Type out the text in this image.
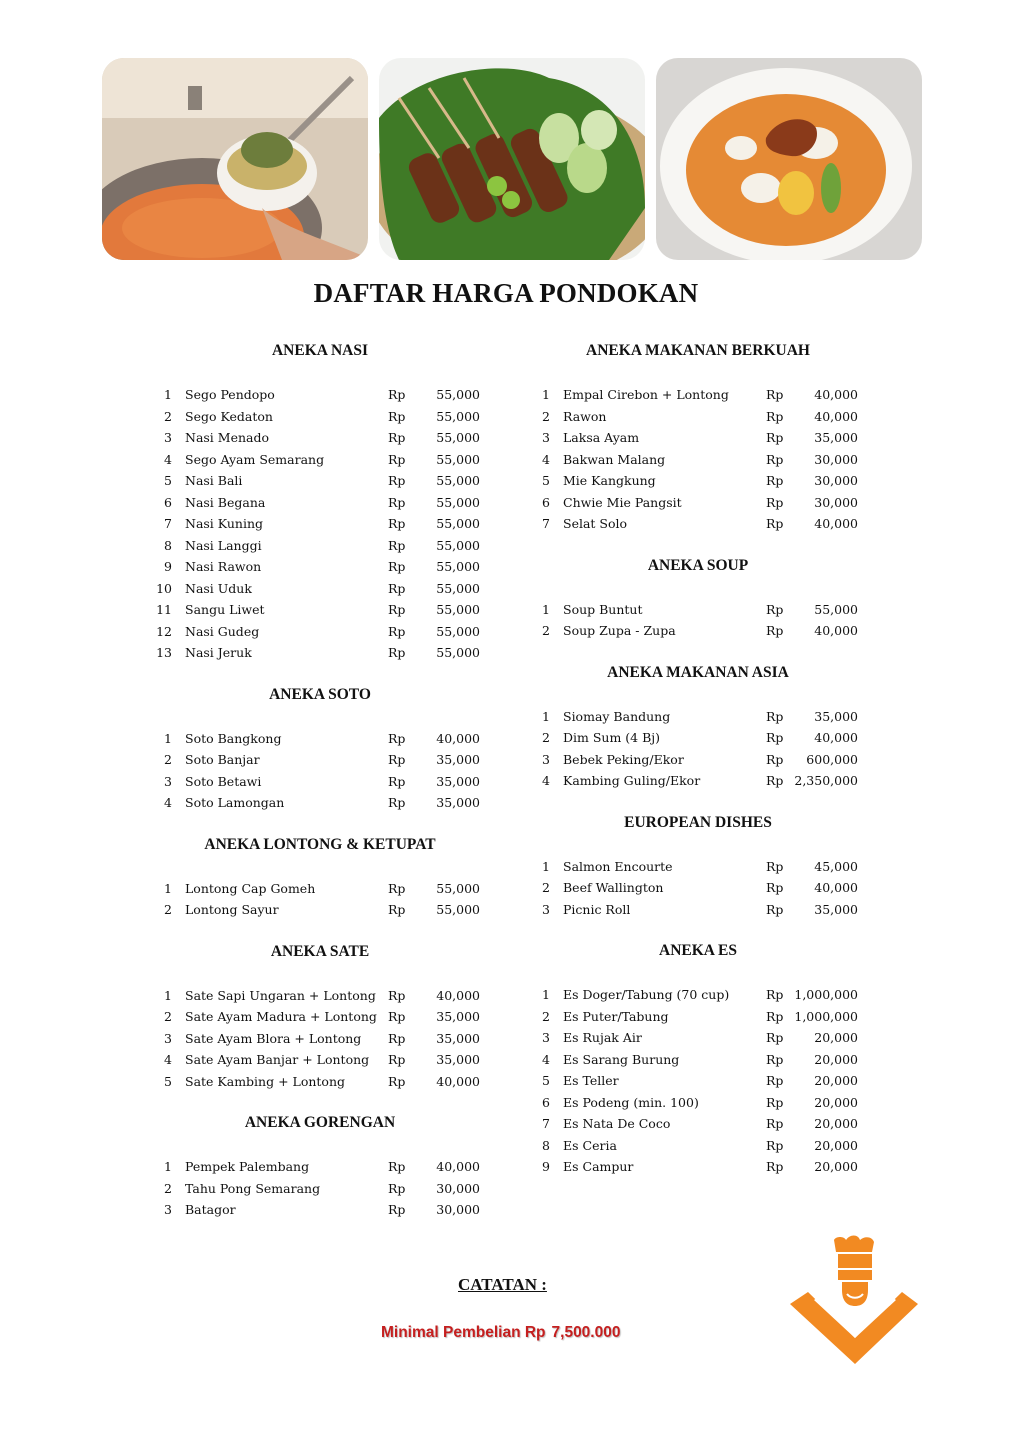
DAFTAR HARGA PONDOKAN
ANEKA NASI
1 Sego Pendopo	Rp 55,000
2 Sego Kedaton	Rp 55,000
3 Nasi Menado	Rp 55,000
4 Sego Ayam Semarang	Rp 55,000
5 Nasi Bali	Rp 55,000
6 Nasi Begana	Rp 55,000
7 Nasi Kuning	Rp 55,000
8 Nasi Langgi	Rp 55,000
9 Nasi Rawon	Rp 55,000
10 Nasi Uduk	Rp 55,000
11 Sangu Liwet	Rp 55,000
12 Nasi Gudeg	Rp 55,000
13 Nasi Jeruk	Rp 55,000
ANEKA SOTO
1 Soto Bangkong	Rp 40,000
2 Soto Banjar	Rp 35,000
3 Soto Betawi	Rp 35,000
4 Soto Lamongan	Rp 35,000
ANEKA LONTONG & KETUPAT
1 Lontong Cap Gomeh	Rp 55,000
2 Lontong Sayur	Rp 55,000
ANEKA SATE
1 Sate Sapi Ungaran + Lontong Rp 40,000
2 Sate Ayam Madura + Lontong Rp 35,000
3 Sate Ayam Blora + Lontong Rp 35,000
4 Sate Ayam Banjar + Lontong Rp 35,000
5 Sate Kambing + Lontong	Rp 40,000
ANEKA GORENGAN
1 Pempek Palembang	Rp 40,000
2 Tahu Pong Semarang	Rp 30,000
3 Batagor	Rp 30,000
ANEKA MAKANAN BERKUAH
1 Empal Cirebon + Lontong	Rp 40,000
2 Rawon	Rp 40,000
3 Laksa Ayam	Rp 35,000
4 Bakwan Malang	Rp 30,000
5 Mie Kangkung	Rp 30,000
6 Chwie Mie Pangsit	Rp 30,000
7 Selat Solo	Rp 40,000
ANEKA SOUP
1 Soup Buntut	Rp 55,000
2 Soup Zupa - Zupa	Rp 40,000
ANEKA MAKANAN ASIA
1 Siomay Bandung	Rp 35,000
2 Dim Sum (4 Bj)	Rp 40,000
3 Bebek Peking/Ekor	Rp 600,000
4 Kambing Guling/Ekor	Rp 2,350,000
EUROPEAN DISHES
1 Salmon Encourte	Rp 45,000
2 Beef Wallington	Rp 40,000
3 Picnic Roll	Rp 35,000
ANEKA ES
1 Es Doger/Tabung (70 cup)	Rp 1,000,000
2 Es Puter/Tabung	Rp 1,000,000
3 Es Rujak Air	Rp 20,000
4 Es Sarang Burung	Rp 20,000
5 Es Teller	Rp 20,000
6 Es Podeng (min. 100)	Rp 20,000
7 Es Nata De Coco	Rp 20,000
8 Es Ceria	Rp 20,000
9 Es Campur	Rp 20,000
CATATAN :
Minimal Pembelian Rp 7,500.000
